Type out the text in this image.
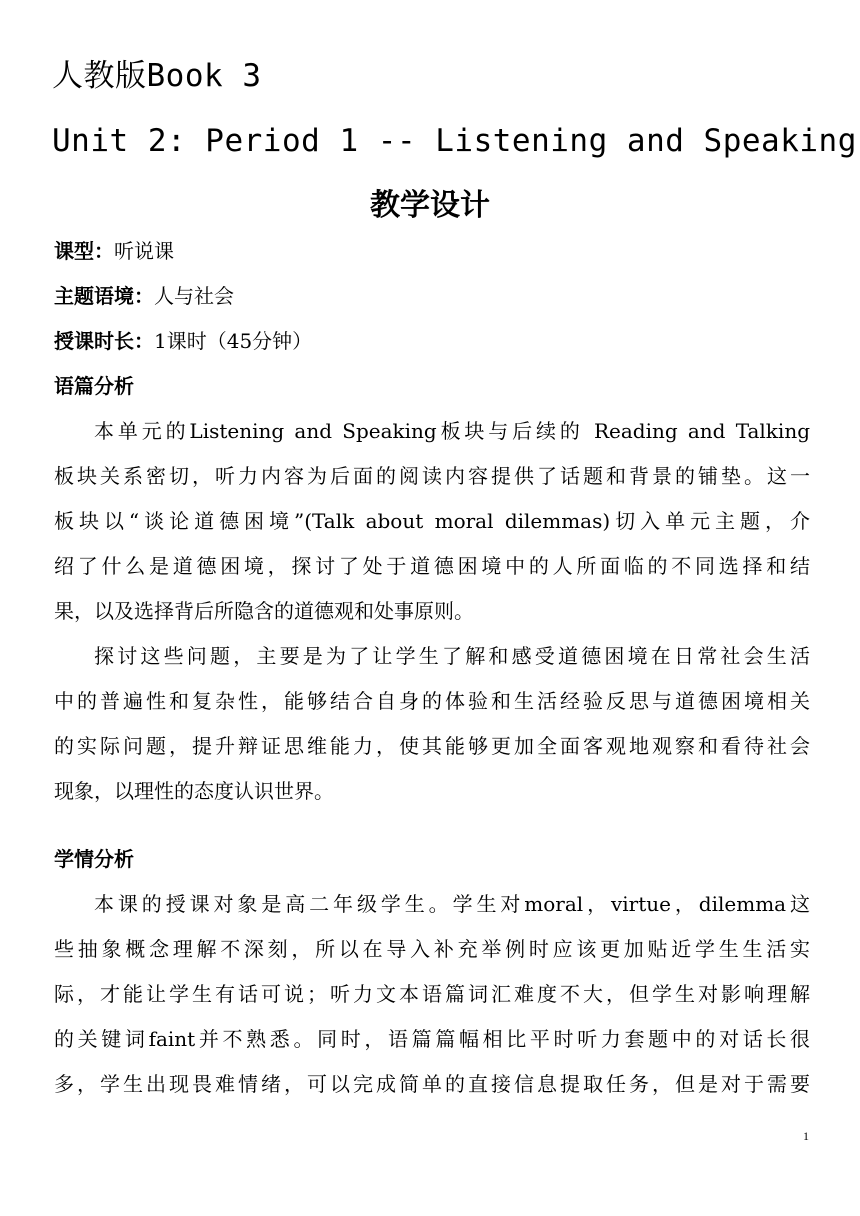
人教版Book 3
Unit 2: Period 1 -- Listening and Speaking
教学设计
课型：听说课
主题语境：人与社会
授课时长：1课时（45分钟）
语篇分析
本单元的Listening and Speaking板块与后续的 Reading and Talking
板块关系密切，听力内容为后面的阅读内容提供了话题和背景的铺垫。这一
板块以“谈论道德困境”(Talk about moral dilemmas)切入单元主题，介
绍了什么是道德困境，探讨了处于道德困境中的人所面临的不同选择和结
果，以及选择背后所隐含的道德观和处事原则。
探讨这些问题，主要是为了让学生了解和感受道德困境在日常社会生活
中的普遍性和复杂性，能够结合自身的体验和生活经验反思与道德困境相关
的实际问题，提升辩证思维能力，使其能够更加全面客观地观察和看待社会
现象，以理性的态度认识世界。
学情分析
本课的授课对象是高二年级学生。学生对moral，virtue，dilemma这
些抽象概念理解不深刻，所以在导入补充举例时应该更加贴近学生生活实
际，才能让学生有话可说；听力文本语篇词汇难度不大，但学生对影响理解
的关键词faint并不熟悉。同时，语篇篇幅相比平时听力套题中的对话长很
多，学生出现畏难情绪，可以完成简单的直接信息提取任务，但是对于需要
1
